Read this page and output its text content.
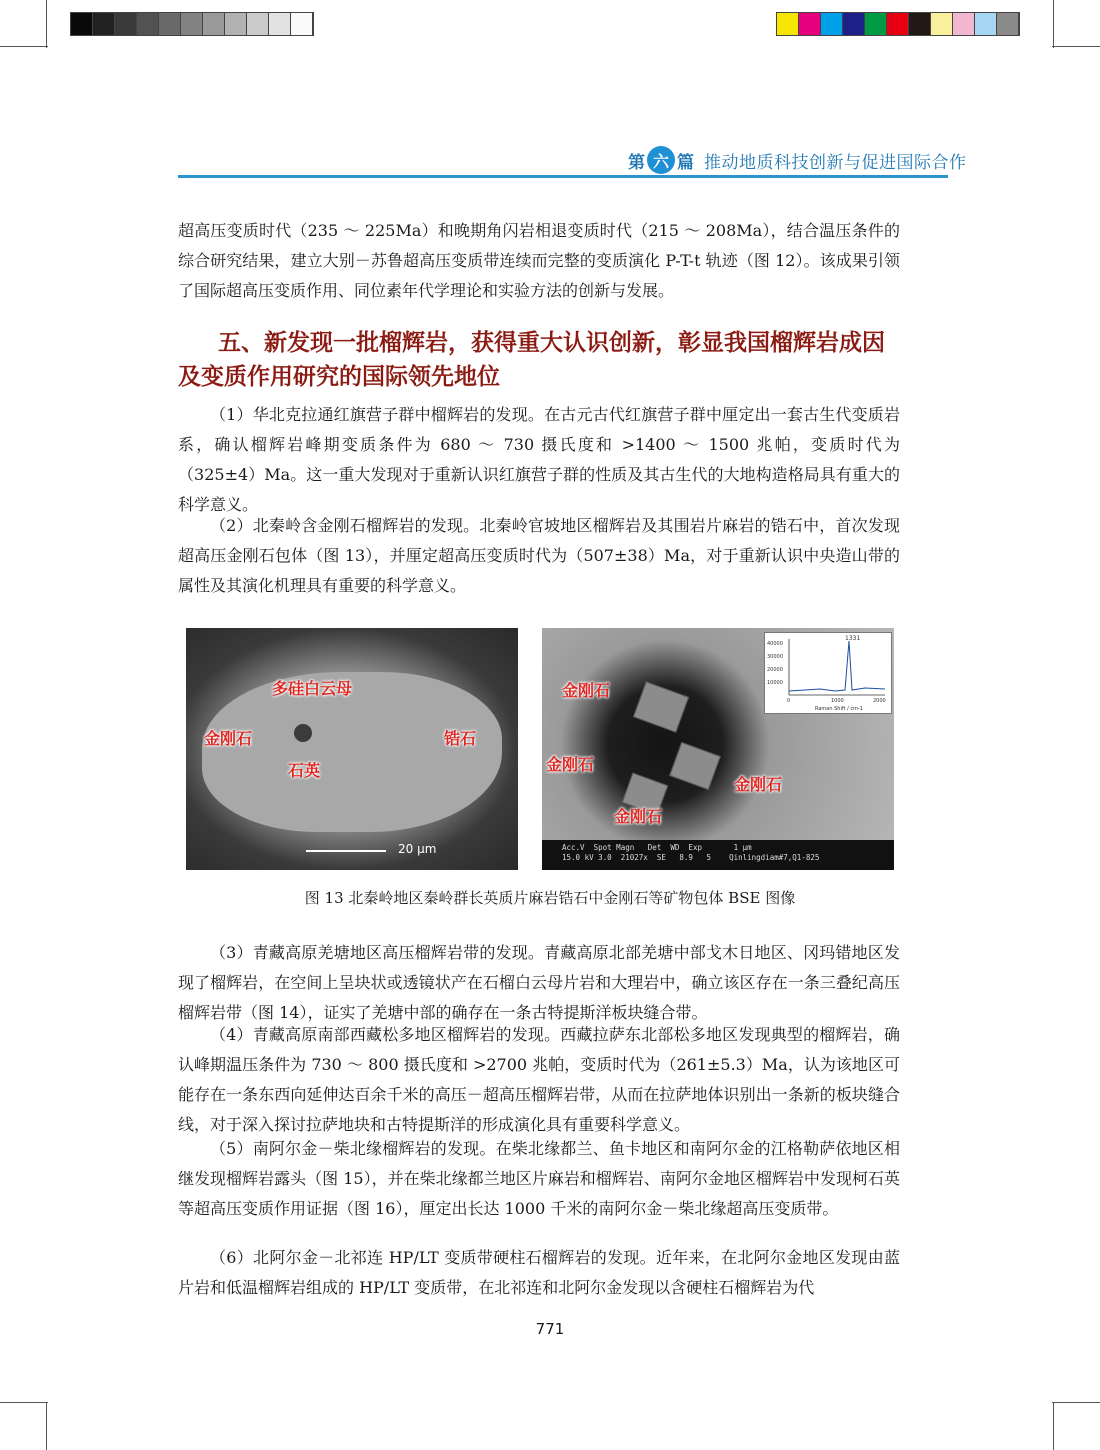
第 六 篇 推动地质科技创新与促进国际合作

超高压变质时代（235 ～ 225Ma）和晚期角闪岩相退变质时代（215 ～ 208Ma），结合温压条件的综合研究结果，建立大别－苏鲁超高压变质带连续而完整的变质演化 P-T-t 轨迹（图 12）。该成果引领了国际超高压变质作用、同位素年代学理论和实验方法的创新与发展。

五、新发现一批榴辉岩，获得重大认识创新，彰显我国榴辉岩成因
及变质作用研究的国际领先地位

（1）华北克拉通红旗营子群中榴辉岩的发现。在古元古代红旗营子群中厘定出一套古生代变质岩系，确认榴辉岩峰期变质条件为 680 ～ 730 摄氏度和 >1400 ～ 1500 兆帕，变质时代为（325±4）Ma。这一重大发现对于重新认识红旗营子群的性质及其古生代的大地构造格局具有重大的科学意义。

（2）北秦岭含金刚石榴辉岩的发现。北秦岭官坡地区榴辉岩及其围岩片麻岩的锆石中，首次发现超高压金刚石包体（图 13），并厘定超高压变质时代为（507±38）Ma，对于重新认识中央造山带的属性及其演化机理具有重要的科学意义。

多硅白云母
金刚石	锆石
石英
20 μm
金刚石
金刚石
金刚石
金刚石
1331
40000
30000
20000
10000
0	1000	2000
Raman Shift / cm-1
Acc.V  Spot Magn   Det  WD  Exp       1 μm
15.0 kV 3.0  21027x  SE   8.9   5    Qinlingdiam#7,Q1-825

图 13 北秦岭地区秦岭群长英质片麻岩锆石中金刚石等矿物包体 BSE 图像

（3）青藏高原羌塘地区高压榴辉岩带的发现。青藏高原北部羌塘中部戈木日地区、冈玛错地区发现了榴辉岩，在空间上呈块状或透镜状产在石榴白云母片岩和大理岩中，确立该区存在一条三叠纪高压榴辉岩带（图 14），证实了羌塘中部的确存在一条古特提斯洋板块缝合带。

（4）青藏高原南部西藏松多地区榴辉岩的发现。西藏拉萨东北部松多地区发现典型的榴辉岩，确认峰期温压条件为 730 ～ 800 摄氏度和 >2700 兆帕，变质时代为（261±5.3）Ma，认为该地区可能存在一条东西向延伸达百余千米的高压－超高压榴辉岩带，从而在拉萨地体识别出一条新的板块缝合线，对于深入探讨拉萨地块和古特提斯洋的形成演化具有重要科学意义。

（5）南阿尔金－柴北缘榴辉岩的发现。在柴北缘都兰、鱼卡地区和南阿尔金的江格勒萨依地区相继发现榴辉岩露头（图 15），并在柴北缘都兰地区片麻岩和榴辉岩、南阿尔金地区榴辉岩中发现柯石英等超高压变质作用证据（图 16），厘定出长达 1000 千米的南阿尔金－柴北缘超高压变质带。

（6）北阿尔金－北祁连 HP/LT 变质带硬柱石榴辉岩的发现。近年来，在北阿尔金地区发现由蓝片岩和低温榴辉岩组成的 HP/LT 变质带，在北祁连和北阿尔金发现以含硬柱石榴辉岩为代

771
